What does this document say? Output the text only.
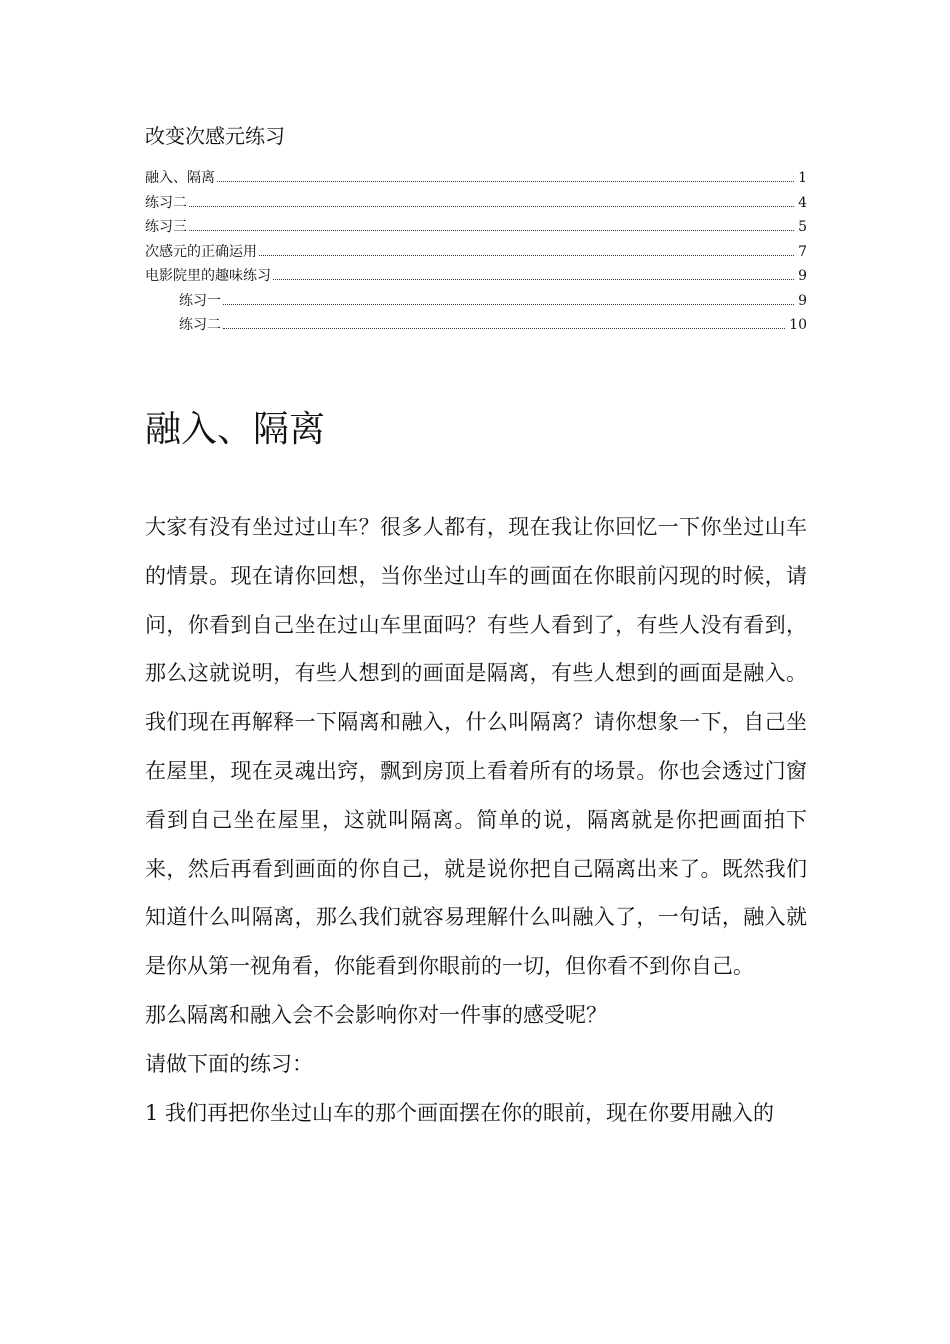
改变次感元练习
融入、隔离	1
练习二	4
练习三	5
次感元的正确运用	7
电影院里的趣味练习	9
练习一	9
练习二	10
融入、隔离

大家有没有坐过过山车？很多人都有，现在我让你回忆一下你坐过山车的情景。现在请你回想，当你坐过山车的画面在你眼前闪现的时候，请问，你看到自己坐在过山车里面吗？有些人看到了，有些人没有看到，那么这就说明，有些人想到的画面是隔离，有些人想到的画面是融入。我们现在再解释一下隔离和融入，什么叫隔离？请你想象一下，自己坐在屋里，现在灵魂出窍，飘到房顶上看着所有的场景。你也会透过门窗看到自己坐在屋里，这就叫隔离。简单的说，隔离就是你把画面拍下来，然后再看到画面的你自己，就是说你把自己隔离出来了。既然我们知道什么叫隔离，那么我们就容易理解什么叫融入了，一句话，融入就是你从第一视角看，你能看到你眼前的一切，但你看不到你自己。

那么隔离和融入会不会影响你对一件事的感受呢？

请做下面的练习：

1 我们再把你坐过山车的那个画面摆在你的眼前，现在你要用融入的
